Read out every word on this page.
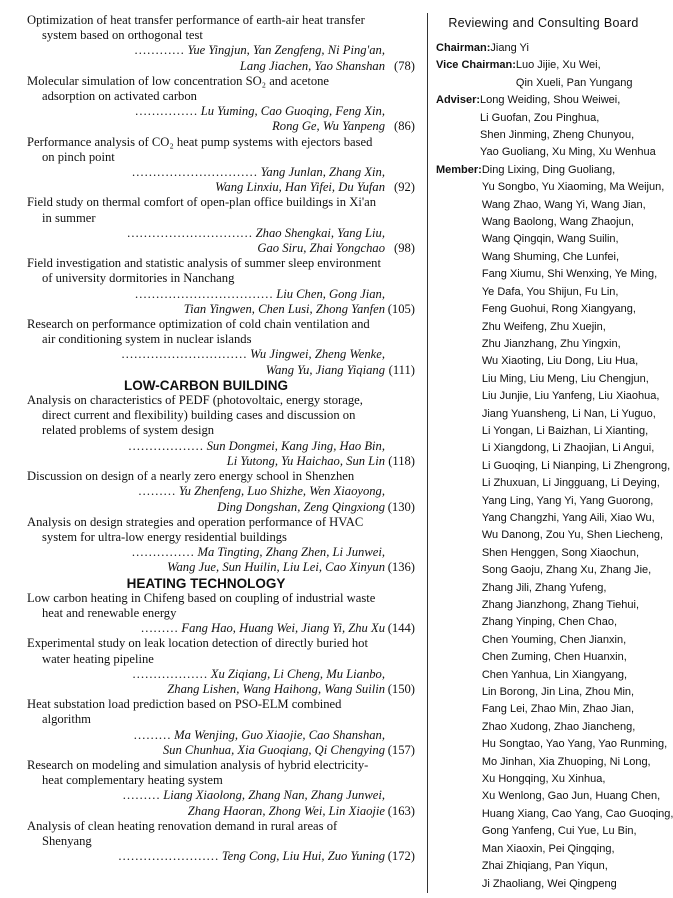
Optimization of heat transfer performance of earth-air heat transfer system based on orthogonal test
………… Yue Yingjun, Yan Zengfeng, Ni Ping'an,
Lang Jiachen, Yao Shanshan (78)
Molecular simulation of low concentration SO₂ and acetone adsorption on activated carbon
…………… Lu Yuming, Cao Guoqing, Feng Xin,
Rong Ge, Wu Yanpeng (86)
Performance analysis of CO₂ heat pump systems with ejectors based on pinch point
………………………… Yang Junlan, Zhang Xin,
Wang Linxiu, Han Yifei, Du Yufan (92)
Field study on thermal comfort of open-plan office buildings in Xi'an in summer
………………………… Zhao Shengkai, Yang Liu,
Gao Siru, Zhai Yongchao (98)
Field investigation and statistic analysis of summer sleep environment of university dormitories in Nanchang
…………………………… Liu Chen, Gong Jian,
Tian Yingwen, Chen Lusi, Zhong Yanfen (105)
Research on performance optimization of cold chain ventilation and air conditioning system in nuclear islands
………………………… Wu Jingwei, Zheng Wenke,
Wang Yu, Jiang Yiqiang (111)
LOW-CARBON BUILDING
Analysis on characteristics of PEDF (photovoltaic, energy storage, direct current and flexibility) building cases and discussion on related problems of system design
……………… Sun Dongmei, Kang Jing, Hao Bin,
Li Yutong, Yu Haichao, Sun Lin (118)
Discussion on design of a nearly zero energy school in Shenzhen
……… Yu Zhenfeng, Luo Shizhe, Wen Xiaoyong,
Ding Dongshan, Zeng Qingxiong (130)
Analysis on design strategies and operation performance of HVAC system for ultra-low energy residential buildings
…………… Ma Tingting, Zhang Zhen, Li Junwei,
Wang Jue, Sun Huilin, Liu Lei, Cao Xinyun (136)
HEATING TECHNOLOGY
Low carbon heating in Chifeng based on coupling of industrial waste heat and renewable energy
……… Fang Hao, Huang Wei, Jiang Yi, Zhu Xu (144)
Experimental study on leak location detection of directly buried hot water heating pipeline
……………… Xu Ziqiang, Li Cheng, Mu Lianbo,
Zhang Lishen, Wang Haihong, Wang Suilin (150)
Heat substation load prediction based on PSO-ELM combined algorithm
……… Ma Wenjing, Guo Xiaojie, Cao Shanshan,
Sun Chunhua, Xia Guoqiang, Qi Chengying (157)
Research on modeling and simulation analysis of hybrid electricity-heat complementary heating system
……… Liang Xiaolong, Zhang Nan, Zhang Junwei,
Zhang Haoran, Zhong Wei, Lin Xiaojie (163)
Analysis of clean heating renovation demand in rural areas of Shenyang
…………………… Teng Cong, Liu Hui, Zuo Yuning (172)
Reviewing and Consulting Board
Chairman: Jiang Yi
Vice Chairman: Luo Jijie, Xu Wei,
Qin Xueli, Pan Yungang
Adviser: Long Weiding, Shou Weiwei,
Li Guofan, Zou Pinghua,
Shen Jinming, Zheng Chunyou,
Yao Guoliang, Xu Ming, Xu Wenhua
Member: Ding Lixing, Ding Guoliang,
Yu Songbo, Yu Xiaoming, Ma Weijun,
Wang Zhao, Wang Yi, Wang Jian,
Wang Baolong, Wang Zhaojun,
Wang Qingqin, Wang Suilin,
Wang Shuming, Che Lunfei,
Fang Xiumu, Shi Wenxing, Ye Ming,
Ye Dafa, You Shijun, Fu Lin,
Feng Guohui, Rong Xiangyang,
Zhu Weifeng, Zhu Xuejin,
Zhu Jianzhang, Zhu Yingxin,
Wu Xiaoting, Liu Dong, Liu Hua,
Liu Ming, Liu Meng, Liu Chengjun,
Liu Junjie, Liu Yanfeng, Liu Xiaohua,
Jiang Yuansheng, Li Nan, Li Yuguo,
Li Yongan, Li Baizhan, Li Xianting,
Li Xiangdong, Li Zhaojian, Li Angui,
Li Guoqing, Li Nianping, Li Zhengrong,
Li Zhuxuan, Li Jingguang, Li Deying,
Yang Ling, Yang Yi, Yang Guorong,
Yang Changzhi, Yang Aili, Xiao Wu,
Wu Danong, Zou Yu, Shen Liecheng,
Shen Henggen, Song Xiaochun,
Song Gaoju, Zhang Xu, Zhang Jie,
Zhang Jili, Zhang Yufeng,
Zhang Jianzhong, Zhang Tiehui,
Zhang Yinping, Chen Chao,
Chen Youming, Chen Jianxin,
Chen Zuming, Chen Huanxin,
Chen Yanhua, Lin Xiangyang,
Lin Borong, Jin Lina, Zhou Min,
Fang Lei, Zhao Min, Zhao Jian,
Zhao Xudong, Zhao Jiancheng,
Hu Songtao, Yao Yang, Yao Runming,
Mo Jinhan, Xia Zhuoping, Ni Long,
Xu Hongqing, Xu Xinhua,
Xu Wenlong, Gao Jun, Huang Chen,
Huang Xiang, Cao Yang, Cao Guoqing,
Gong Yanfeng, Cui Yue, Lu Bin,
Man Xiaoxin, Pei Qingqing,
Zhai Zhiqiang, Pan Yiqun,
Ji Zhaoliang, Wei Qingpeng
